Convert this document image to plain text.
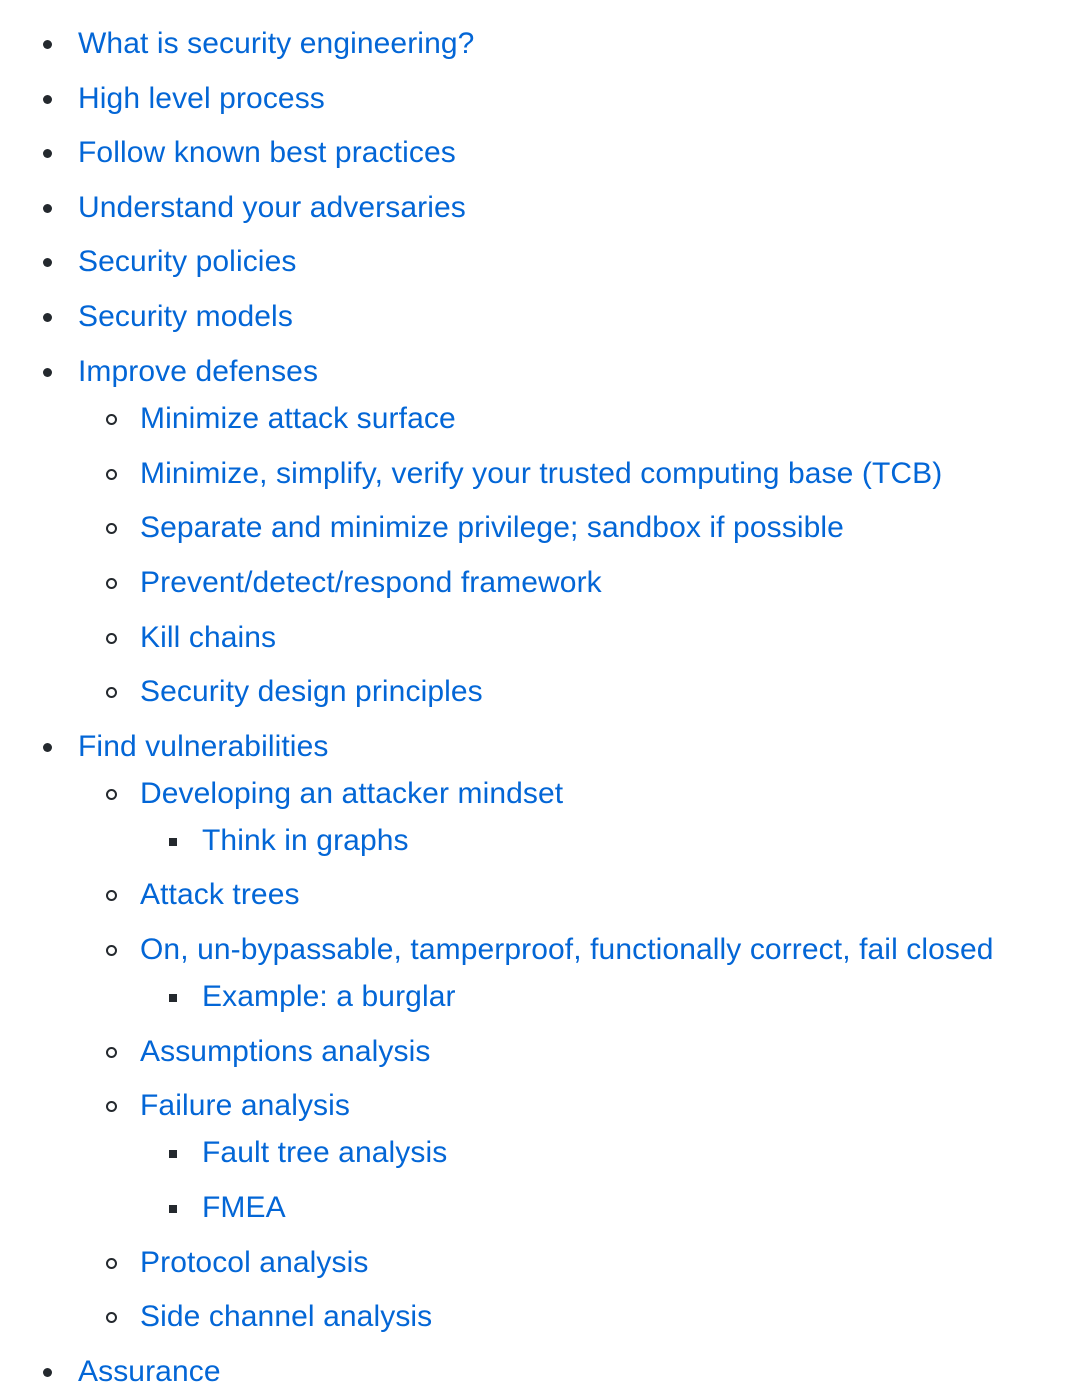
What is security engineering?
High level process
Follow known best practices
Understand your adversaries
Security policies
Security models
Improve defenses
Minimize attack surface
Minimize, simplify, verify your trusted computing base (TCB)
Separate and minimize privilege; sandbox if possible
Prevent/detect/respond framework
Kill chains
Security design principles
Find vulnerabilities
Developing an attacker mindset
Think in graphs
Attack trees
On, un-bypassable, tamperproof, functionally correct, fail closed
Example: a burglar
Assumptions analysis
Failure analysis
Fault tree analysis
FMEA
Protocol analysis
Side channel analysis
Assurance
